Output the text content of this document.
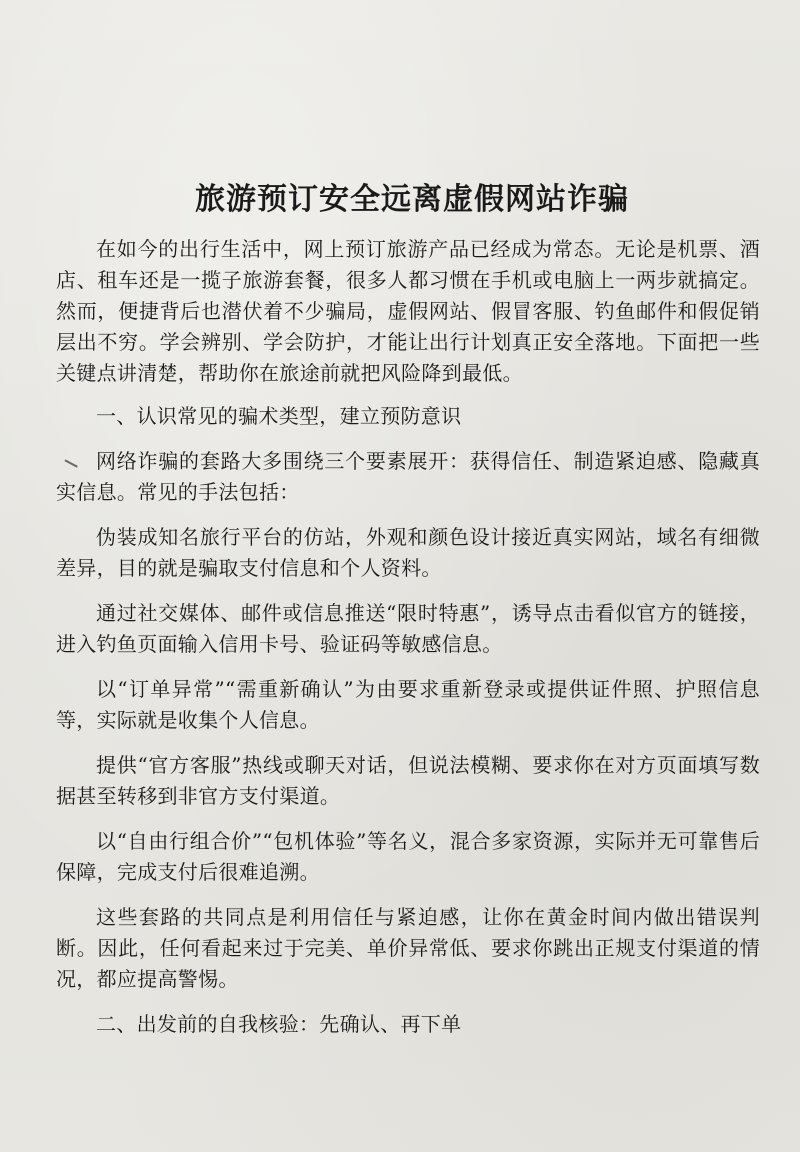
旅游预订安全远离虚假网站诈骗

在如今的出行生活中，网上预订旅游产品已经成为常态。无论是机票、酒店、租车还是一揽子旅游套餐，很多人都习惯在手机或电脑上一两步就搞定。然而，便捷背后也潜伏着不少骗局，虚假网站、假冒客服、钓鱼邮件和假促销层出不穷。学会辨别、学会防护，才能让出行计划真正安全落地。下面把一些关键点讲清楚，帮助你在旅途前就把风险降到最低。

一、认识常见的骗术类型，建立预防意识

网络诈骗的套路大多围绕三个要素展开：获得信任、制造紧迫感、隐藏真实信息。常见的手法包括：

伪装成知名旅行平台的仿站，外观和颜色设计接近真实网站，域名有细微差异，目的就是骗取支付信息和个人资料。

通过社交媒体、邮件或信息推送“限时特惠”，诱导点击看似官方的链接，进入钓鱼页面输入信用卡号、验证码等敏感信息。

以“订单异常”“需重新确认”为由要求重新登录或提供证件照、护照信息等，实际就是收集个人信息。

提供“官方客服”热线或聊天对话，但说法模糊、要求你在对方页面填写数据甚至转移到非官方支付渠道。

以“自由行组合价”“包机体验”等名义，混合多家资源，实际并无可靠售后保障，完成支付后很难追溯。

这些套路的共同点是利用信任与紧迫感，让你在黄金时间内做出错误判断。因此，任何看起来过于完美、单价异常低、要求你跳出正规支付渠道的情况，都应提高警惕。

二、出发前的自我核验：先确认、再下单
